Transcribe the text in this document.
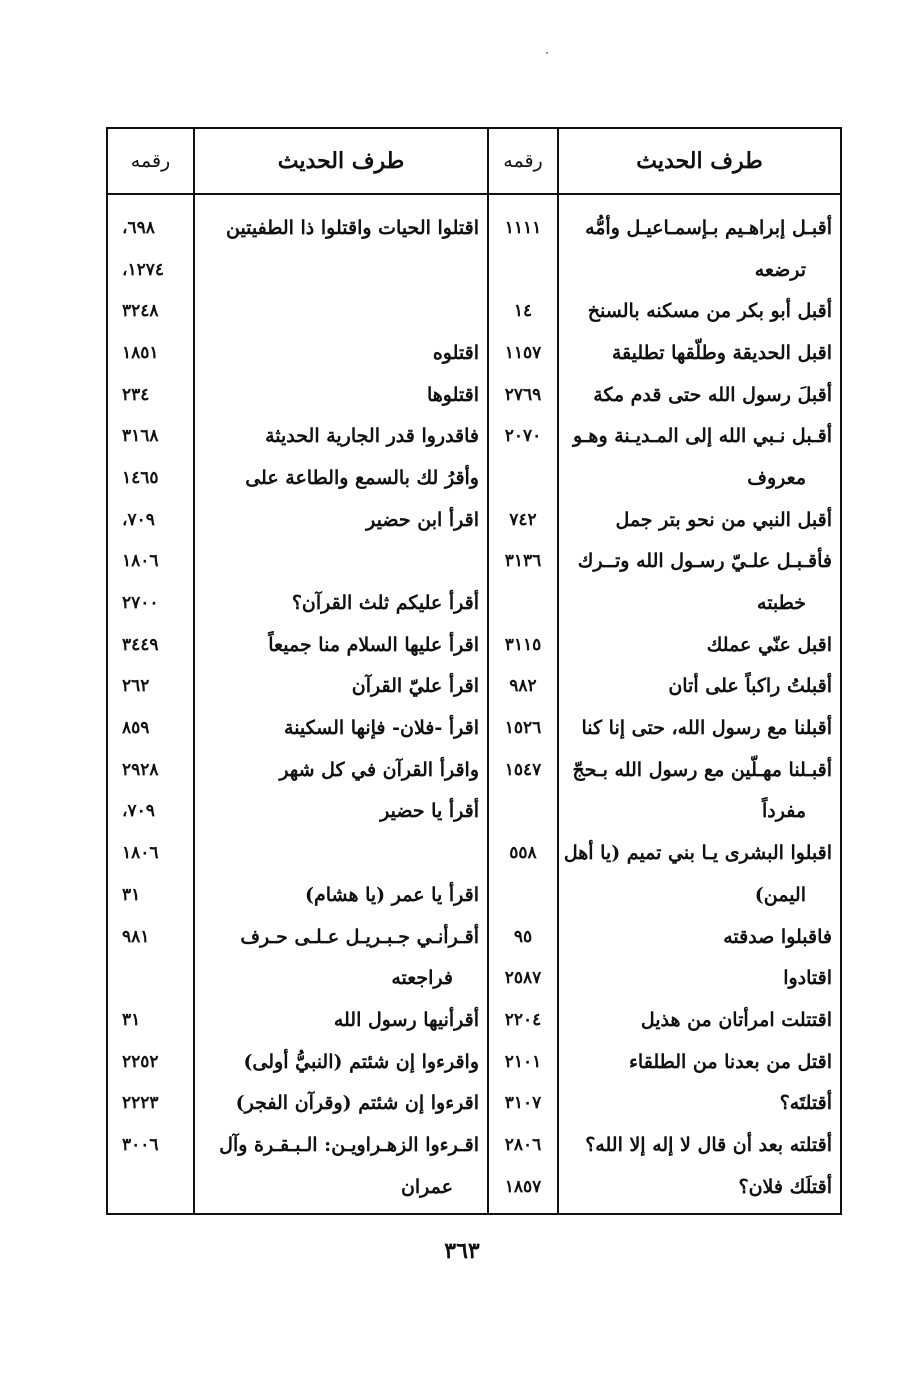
طرف الحديث
رقمه
طرف الحديث
رقمه
أقبـل إبراهـيم بـإسمـاعيـل وأمُّه
ترضعه
أقبل أبو بكر من مسكنه بالسنخ
اقبل الحديقة وطلّقها تطليقة
أقبلَ رسول الله حتى قدم مكة
أقـبل نـبي الله إلى المـديـنة وهـو
معروف
أقبل النبي من نحو بتر جمل
فأقـبـل علـيّ رسـول الله وتــرك
خطبته
اقبل عنّي عملك
أقبلتُ راكباً على أتان
أقبلنا مع رسول الله، حتى إنا كنا
أقبـلنا مهـلّين مع رسول الله بـحجّ
مفرداً
اقبلوا البشرى يـا بني تميم (يا أهل
اليمن)
فاقبلوا صدقته
اقتادوا
اقتتلت امرأتان من هذيل
اقتل من بعدنا من الطلقاء
أقتلتَه؟
أقتلته بعد أن قال لا إله إلا الله؟
أقتلَك فلان؟
١١١١
١٤
١١٥٧
٢٧٦٩
٢٠٧٠
٧٤٢
٣١٣٦
٣١١٥
٩٨٢
١٥٢٦
١٥٤٧
٥٥٨
٩٥
٢٥٨٧
٢٢٠٤
٢١٠١
٣١٠٧
٢٨٠٦
١٨٥٧
اقتلوا الحيات واقتلوا ذا الطفيتين
اقتلوه
اقتلوها
فاقدروا قدر الجارية الحديثة
وأقرُ لك بالسمع والطاعة على
اقرأ ابن حضير
أقرأ عليكم ثلث القرآن؟
اقرأ عليها السلام منا جميعاً
اقرأ عليّ القرآن
اقرأ -فلان- فإنها السكينة
واقرأ القرآن في كل شهر
أقرأ يا حضير
اقرأ يا عمر (يا هشام)
أقـرأنـي جـبـريـل عـلـى حـرف
فراجعته
أقرأنيها رسول الله
واقرءوا إن شئتم (النبيُّ أولى)
اقرءوا إن شئتم (وقرآن الفجر)
اقـرءوا الزهـراويـن: الـبـقـرة وآل
عمران
٦٩٨،
١٢٧٤،
٣٢٤٨
١٨٥١
٢٣٤
٣١٦٨
١٤٦٥
٧٠٩،
١٨٠٦
٢٧٠٠
٣٤٤٩
٢٦٢
٨٥٩
٢٩٢٨
٧٠٩،
١٨٠٦
٣١
٩٨١
٣١
٢٢٥٢
٢٢٢٣
٣٠٠٦
٣٦٣
